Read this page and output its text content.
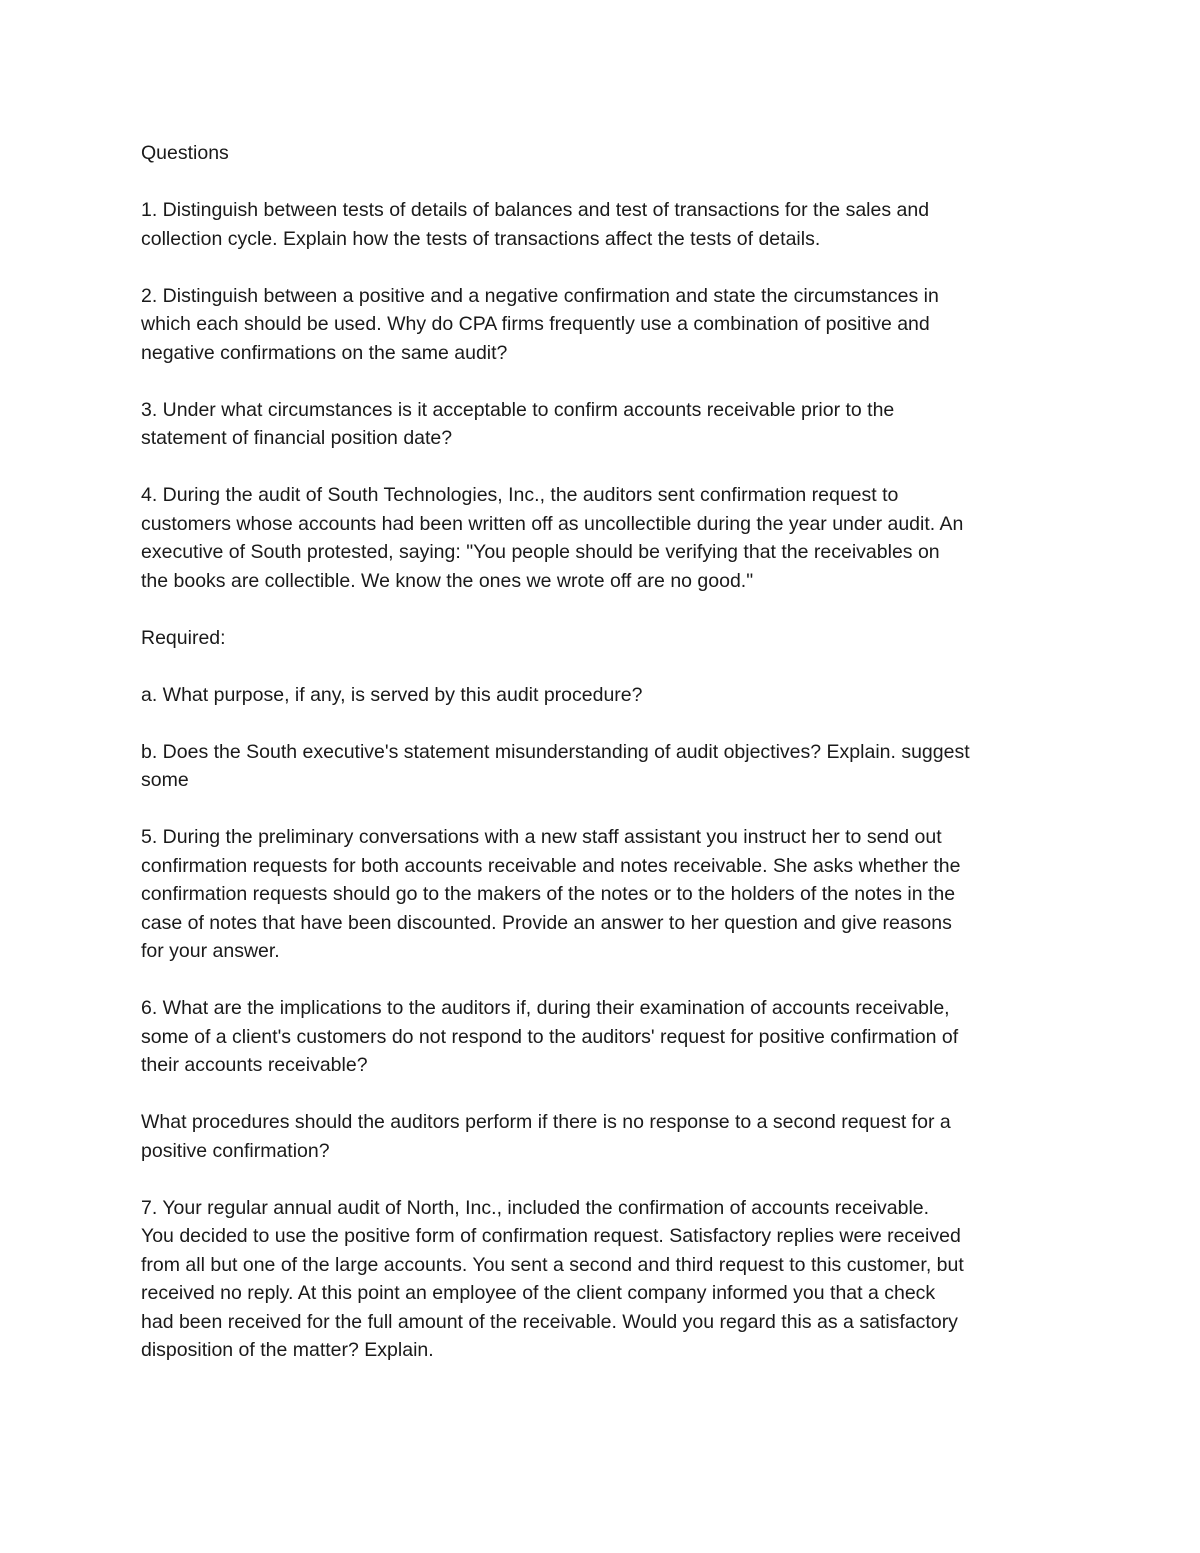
Questions

1. Distinguish between tests of details of balances and test of transactions for the sales and
collection cycle. Explain how the tests of transactions affect the tests of details.

2. Distinguish between a positive and a negative confirmation and state the circumstances in
which each should be used. Why do CPA firms frequently use a combination of positive and
negative confirmations on the same audit?

3. Under what circumstances is it acceptable to confirm accounts receivable prior to the
statement of financial position date?

4. During the audit of South Technologies, Inc., the auditors sent confirmation request to
customers whose accounts had been written off as uncollectible during the year under audit. An
executive of South protested, saying: "You people should be verifying that the receivables on
the books are collectible. We know the ones we wrote off are no good."

Required:

a. What purpose, if any, is served by this audit procedure?

b. Does the South executive's statement misunderstanding of audit objectives? Explain. suggest
some

5. During the preliminary conversations with a new staff assistant you instruct her to send out
confirmation requests for both accounts receivable and notes receivable. She asks whether the
confirmation requests should go to the makers of the notes or to the holders of the notes in the
case of notes that have been discounted. Provide an answer to her question and give reasons
for your answer.

6. What are the implications to the auditors if, during their examination of accounts receivable,
some of a client's customers do not respond to the auditors' request for positive confirmation of
their accounts receivable?

What procedures should the auditors perform if there is no response to a second request for a
positive confirmation?

7. Your regular annual audit of North, Inc., included the confirmation of accounts receivable.
You decided to use the positive form of confirmation request. Satisfactory replies were received
from all but one of the large accounts. You sent a second and third request to this customer, but
received no reply. At this point an employee of the client company informed you that a check
had been received for the full amount of the receivable. Would you regard this as a satisfactory
disposition of the matter? Explain.
